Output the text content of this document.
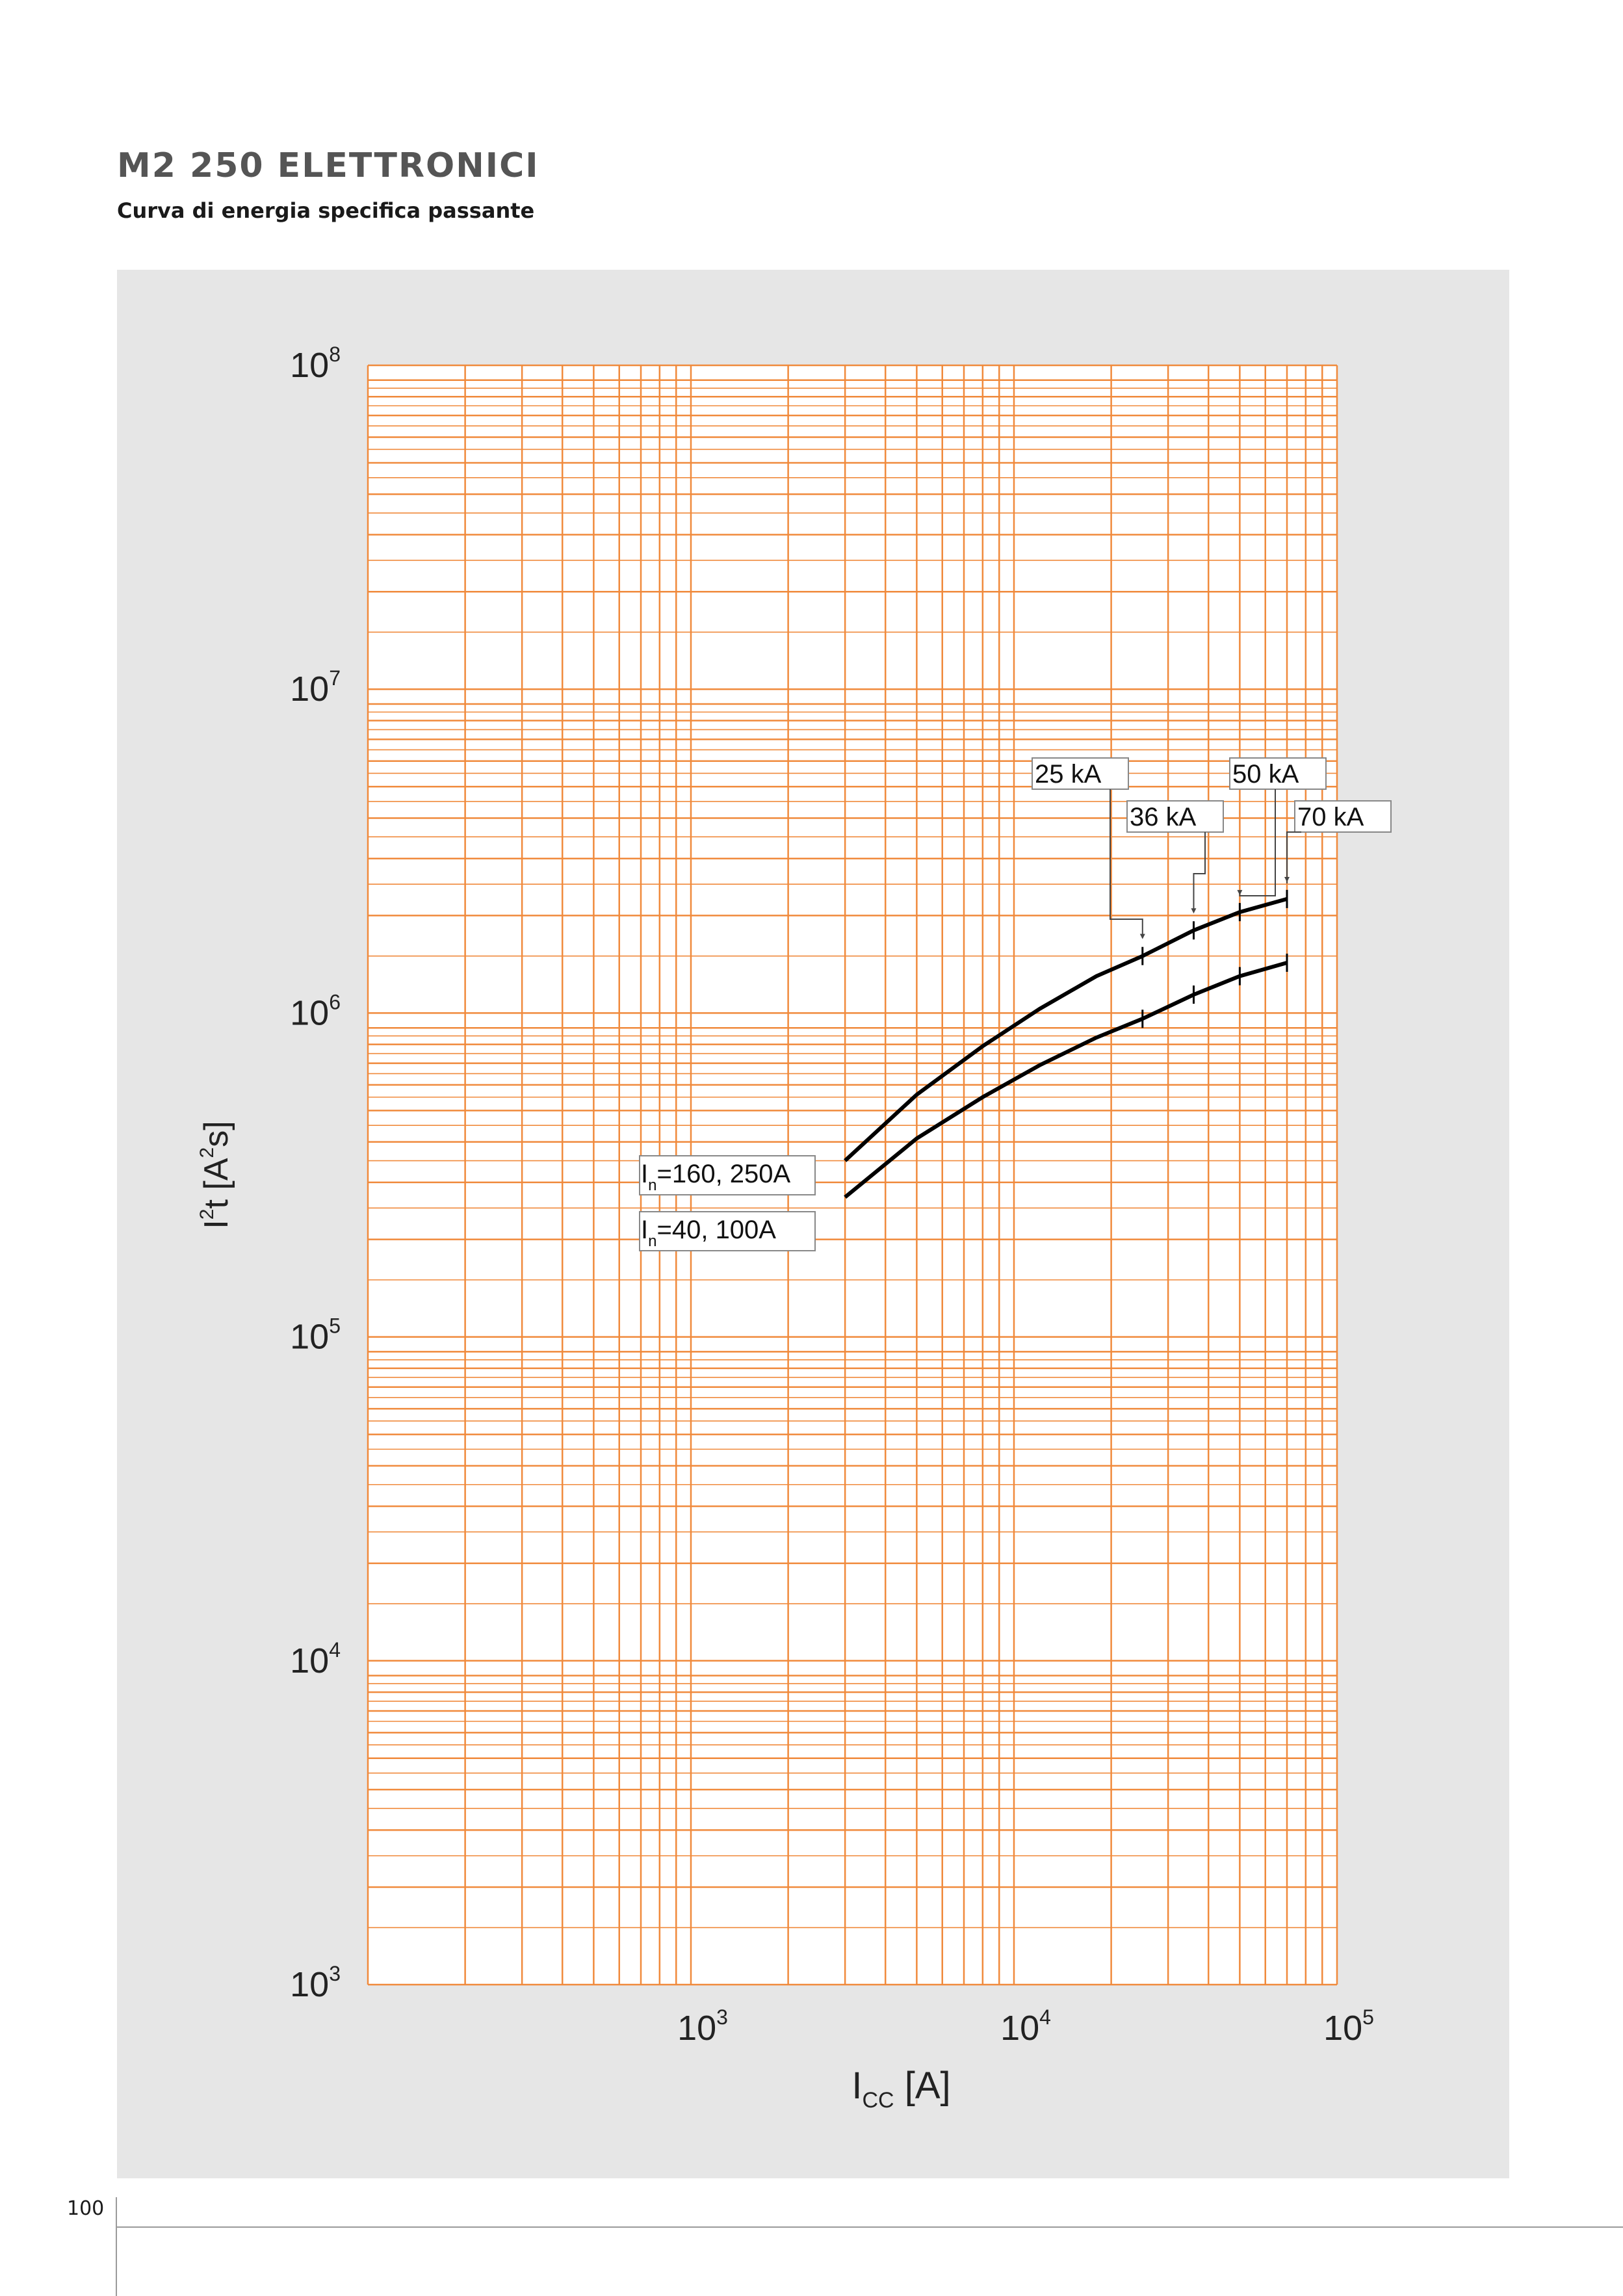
M2 250 ELETTRONICI
Curva di energia specifica passante
$10^3$
$10^4$
$10^5$
$10^6$
$10^7$
$10^8$
$10^3$	$10^4$	$10^5$
$I_{CC}$ [A]
$I^2t$ $[A^2s]$
$I_n=160$, 250A
$I_n=40$, 100A
25 kA
36 kA
50 kA
70 kA
100
